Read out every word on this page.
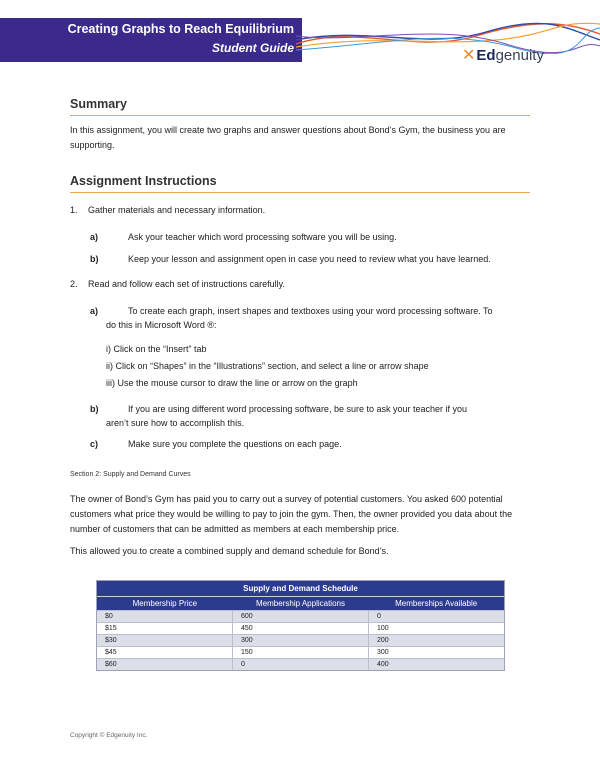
Creating Graphs to Reach Equilibrium
Student Guide	✕Edgenuity
Summary
In this assignment, you will create two graphs and answer questions about Bond’s Gym, the business you are supporting.
Assignment Instructions
1. Gather materials and necessary information.
a)	Ask your teacher which word processing software you will be using.
b)	Keep your lesson and assignment open in case you need to review what you have learned.
2. Read and follow each set of instructions carefully.
a)	To create each graph, insert shapes and textboxes using your word processing software. To
do this in Microsoft Word ®:
i) Click on the “Insert” tab
ii) Click on “Shapes” in the “Illustrations” section, and select a line or arrow shape
iii) Use the mouse cursor to draw the line or arrow on the graph
b)	If you are using different word processing software, be sure to ask your teacher if you
aren’t sure how to accomplish this.
c)	Make sure you complete the questions on each page.
Section 2: Supply and Demand Curves
The owner of Bond’s Gym has paid you to carry out a survey of potential customers. You asked 600 potential customers what price they would be willing to pay to join the gym. Then, the owner provided you data about the number of customers that can be admitted as members at each membership price.
This allowed you to create a combined supply and demand schedule for Bond’s.
Supply and Demand Schedule
Membership Price	Membership Applications	Memberships Available
$0	600	0
$15	450	100
$30	300	200
$45	150	300
$60	0	400
Copyright © Edgenuity Inc.
